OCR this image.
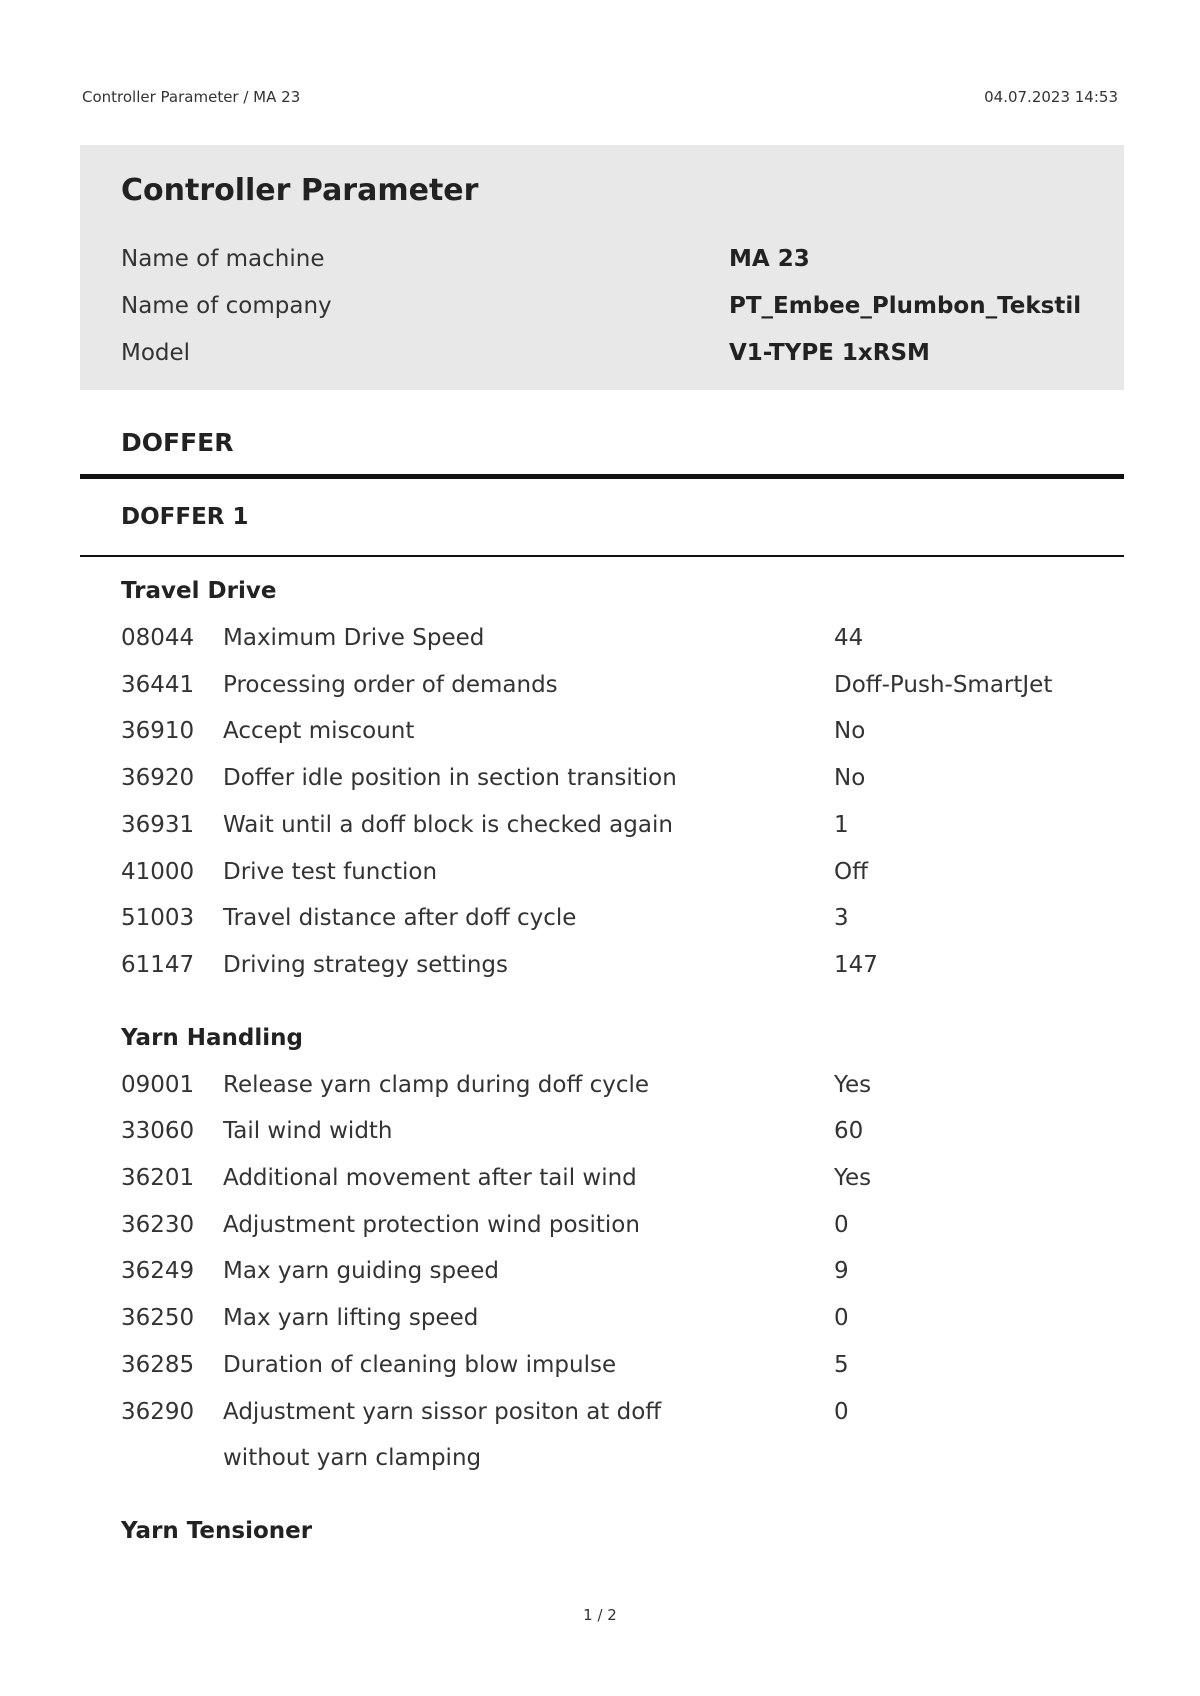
Controller Parameter / MA 23	04.07.2023 14:53
Controller Parameter
Name of machine	MA 23
Name of company	PT_Embee_Plumbon_Tekstil
Model	V1-TYPE 1xRSM
DOFFER
DOFFER 1
Travel Drive
08044	Maximum Drive Speed	44
36441	Processing order of demands	Doff-Push-SmartJet
36910	Accept miscount	No
36920	Doffer idle position in section transition	No
36931	Wait until a doff block is checked again	1
41000	Drive test function	Off
51003	Travel distance after doff cycle	3
61147	Driving strategy settings	147
Yarn Handling
09001	Release yarn clamp during doff cycle	Yes
33060	Tail wind width	60
36201	Additional movement after tail wind	Yes
36230	Adjustment protection wind position	0
36249	Max yarn guiding speed	9
36250	Max yarn lifting speed	0
36285	Duration of cleaning blow impulse	5
36290	Adjustment yarn sissor positon at doff	0
without yarn clamping
Yarn Tensioner
1 / 2
